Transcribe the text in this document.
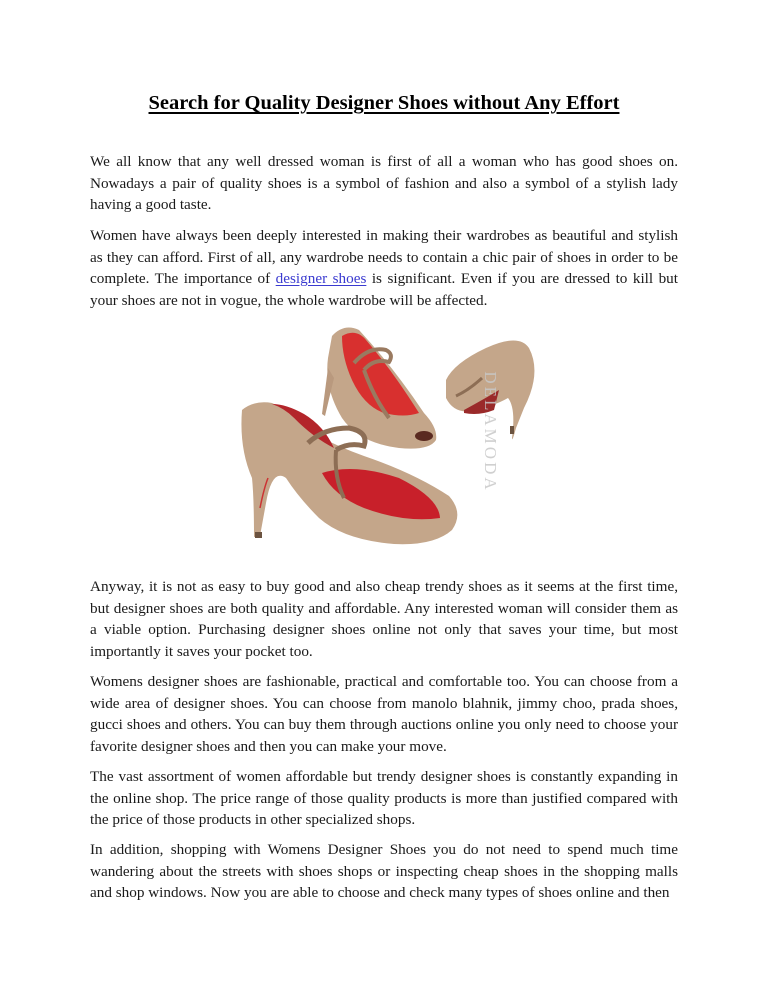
Search for Quality Designer Shoes without Any Effort

We all know that any well dressed woman is first of all a woman who has good shoes on. Nowadays a pair of quality shoes is a symbol of fashion and also a symbol of a stylish lady having a good taste.

Women have always been deeply interested in making their wardrobes as beautiful and stylish as they can afford. First of all, any wardrobe needs to contain a chic pair of shoes in order to be complete. The importance of designer shoes is significant. Even if you are dressed to kill but your shoes are not in vogue, the whole wardrobe will be affected.

DELAMODA

Anyway, it is not as easy to buy good and also cheap trendy shoes as it seems at the first time, but designer shoes are both quality and affordable. Any interested woman will consider them as a viable option. Purchasing designer shoes online not only that saves your time, but most importantly it saves your pocket too.

Womens designer shoes are fashionable, practical and comfortable too. You can choose from a wide area of designer shoes. You can choose from manolo blahnik, jimmy choo, prada shoes, gucci shoes and others. You can buy them through auctions online you only need to choose your favorite designer shoes and then you can make your move.

The vast assortment of women affordable but trendy designer shoes is constantly expanding in the online shop. The price range of those quality products is more than justified compared with the price of those products in other specialized shops.

In addition, shopping with Womens Designer Shoes you do not need to spend much time wandering about the streets with shoes shops or inspecting cheap shoes in the shopping malls and shop windows. Now you are able to choose and check many types of shoes online and then
